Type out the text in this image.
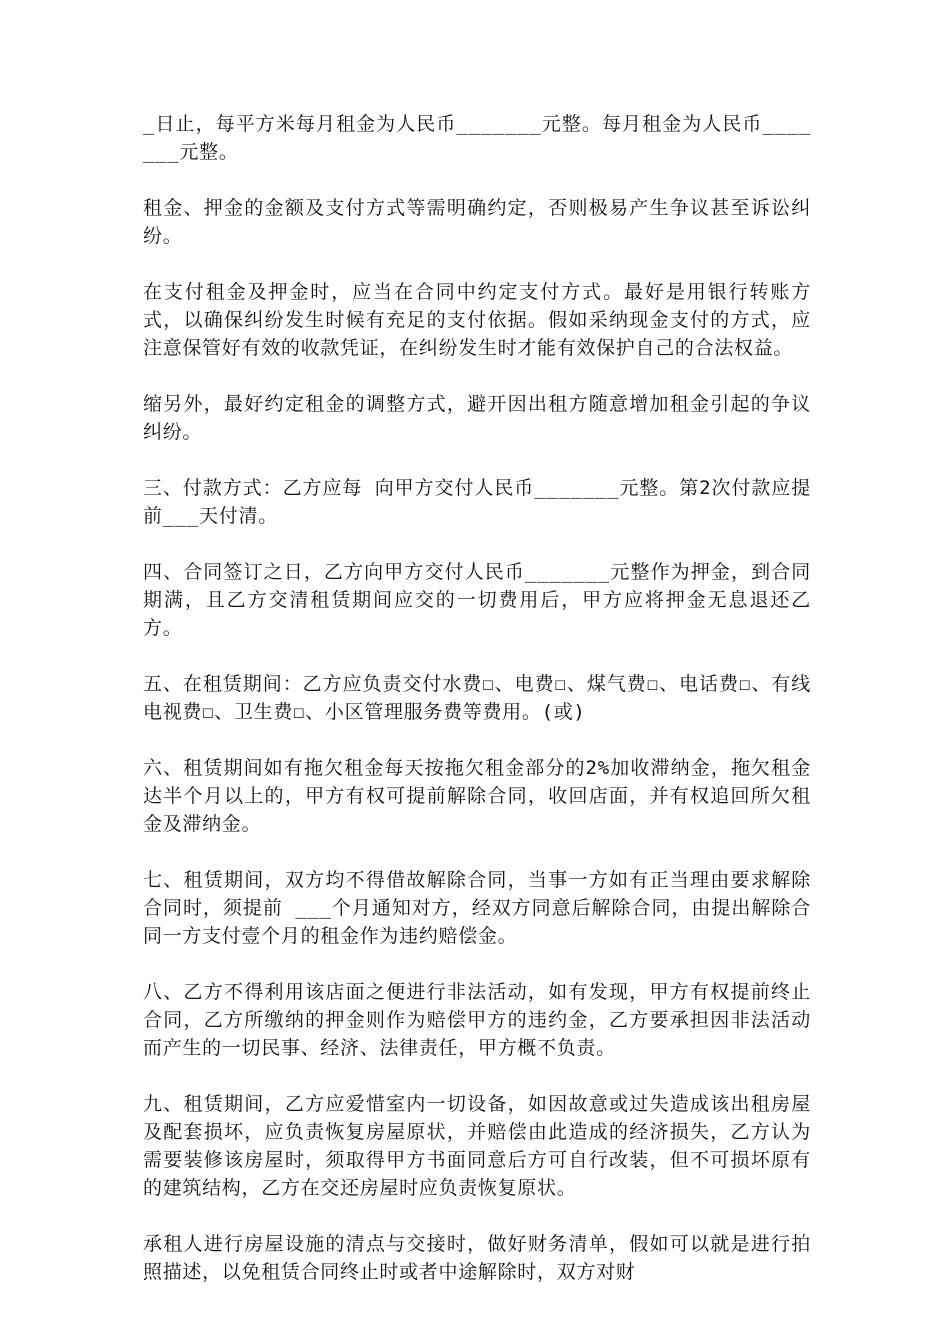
_日止，每平方米每月租金为人民币_______元整。每月租金为人民币_______元整。

租金、押金的金额及支付方式等需明确约定，否则极易产生争议甚至诉讼纠纷。

在支付租金及押金时，应当在合同中约定支付方式。最好是用银行转账方式，以确保纠纷发生时候有充足的支付依据。假如采纳现金支付的方式，应注意保管好有效的收款凭证，在纠纷发生时才能有效保护自己的合法权益。

缩另外，最好约定租金的调整方式，避开因出租方随意增加租金引起的争议纠纷。

三、付款方式：乙方应每 向甲方交付人民币_______元整。第2次付款应提前___天付清。

四、合同签订之日，乙方向甲方交付人民币_______元整作为押金，到合同期满，且乙方交清租赁期间应交的一切费用后，甲方应将押金无息退还乙方。

五、在租赁期间：乙方应负责交付水费☐、电费☐、煤气费☐、电话费☐、有线电视费☐、卫生费☐、小区管理服务费等费用。(或)

六、租赁期间如有拖欠租金每天按拖欠租金部分的2%加收滞纳金，拖欠租金达半个月以上的，甲方有权可提前解除合同，收回店面，并有权追回所欠租金及滞纳金。

七、租赁期间，双方均不得借故解除合同，当事一方如有正当理由要求解除合同时，须提前 ___个月通知对方，经双方同意后解除合同，由提出解除合同一方支付壹个月的租金作为违约赔偿金。

八、乙方不得利用该店面之便进行非法活动，如有发现，甲方有权提前终止合同，乙方所缴纳的押金则作为赔偿甲方的违约金，乙方要承担因非法活动而产生的一切民事、经济、法律责任，甲方概不负责。

九、租赁期间，乙方应爱惜室内一切设备，如因故意或过失造成该出租房屋及配套损坏，应负责恢复房屋原状，并赔偿由此造成的经济损失，乙方认为需要装修该房屋时，须取得甲方书面同意后方可自行改装，但不可损坏原有的建筑结构，乙方在交还房屋时应负责恢复原状。

承租人进行房屋设施的清点与交接时，做好财务清单，假如可以就是进行拍照描述，以免租赁合同终止时或者中途解除时，双方对财
